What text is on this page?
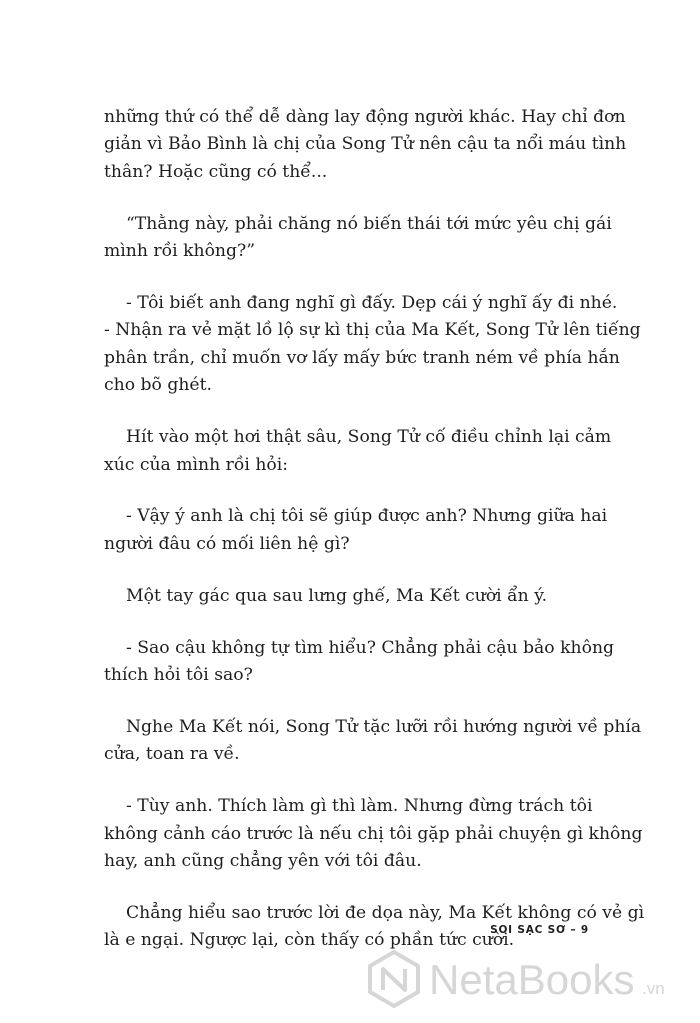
những thứ có thể dễ dàng lay động người khác. Hay chỉ đơn
giản vì Bảo Bình là chị của Song Tử nên cậu ta nổi máu tình
thân? Hoặc cũng có thể...
“Thằng này, phải chăng nó biến thái tới mức yêu chị gái
mình rồi không?”
- Tôi biết anh đang nghĩ gì đấy. Dẹp cái ý nghĩ ấy đi nhé.
- Nhận ra vẻ mặt lồ lộ sự kì thị của Ma Kết, Song Tử lên tiếng
phân trần, chỉ muốn vơ lấy mấy bức tranh ném về phía hắn
cho bõ ghét.
Hít vào một hơi thật sâu, Song Tử cố điều chỉnh lại cảm
xúc của mình rồi hỏi:
- Vậy ý anh là chị tôi sẽ giúp được anh? Nhưng giữa hai
người đâu có mối liên hệ gì?
Một tay gác qua sau lưng ghế, Ma Kết cười ẩn ý.
- Sao cậu không tự tìm hiểu? Chẳng phải cậu bảo không
thích hỏi tôi sao?
Nghe Ma Kết nói, Song Tử tặc lưỡi rồi hướng người về phía
cửa, toan ra về.
- Tùy anh. Thích làm gì thì làm. Nhưng đừng trách tôi
không cảnh cáo trước là nếu chị tôi gặp phải chuyện gì không
hay, anh cũng chẳng yên với tôi đâu.
Chẳng hiểu sao trước lời đe dọa này, Ma Kết không có vẻ gì
là e ngại. Ngược lại, còn thấy có phần tức cười.
SOI SẠC SƠ – 9
NetaBooks .vn
